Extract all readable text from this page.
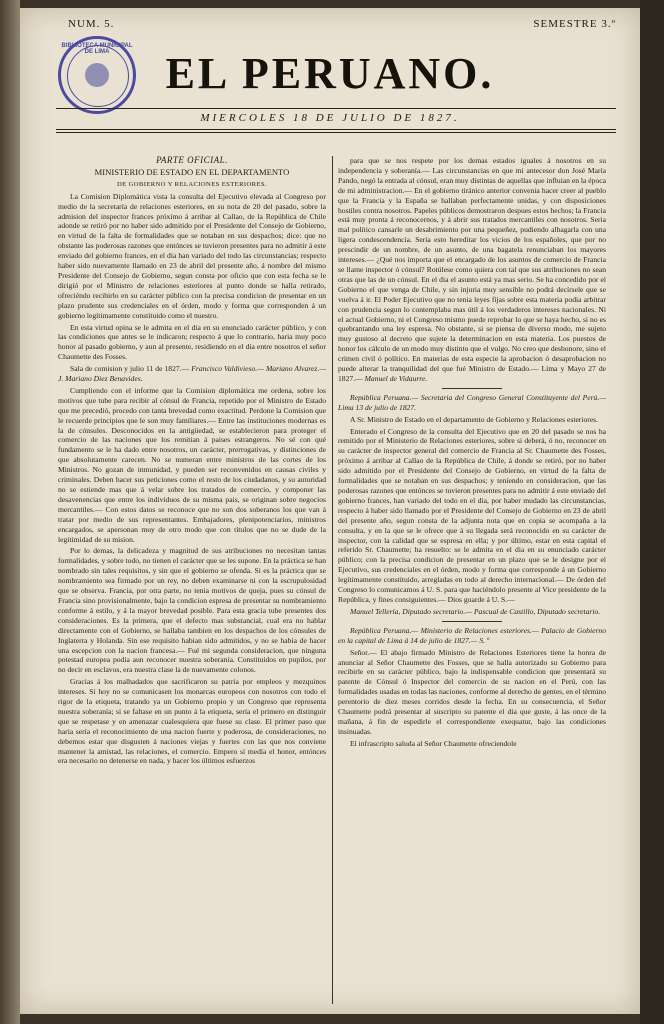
NUM. 5.	SEMESTRE 3.º
BIBLIOTECA MUNICIPAL DE LIMA	EL PERUANO.
MIERCOLES 18 DE JULIO DE 1827.

PARTE OFICIAL.

MINISTERIO DE ESTADO EN EL DEPARTAMENTO

DE GOBIERNO Y RELACIONES ESTERIORES.

La Comision Diplomática vista la consulta del Ejecutivo elevada al Congreso por medio de la secretaría de relaciones esteriores, en su nota de 20 del pasado, sobre la admision del inspector frances próximo á arribar al Callao, de la República de Chile adonde se retiró por no haber sido admitido por el Presidente del Consejo de Gobierno, en virtud de la falta de formalidades que se notaban en sus despachos; dice: que no obstante las poderosas razones que entónces se tuvieron presentes para no admitir á este enviado del gobierno frances, en el dia han variado del todo las circunstancias; respecto haber sido nuevamente llamado en 23 de abril del presente año, á nombre del mismo Presidente del Consejo de Gobierno, segun consta por oficio que con esta fecha se le dirigió por el Ministro de relaciones esteriores al punto donde se halla retirado, ofreciéndo recibirlo en su carácter público con la precisa condicion de presentar en un plazo prudente sus credenciales en el órden, modo y forma que corresponden á un gobierno legítimamente constituido como el nuestro.

En esta virtud opina se le admita en el dia en su enunciado carácter público, y con las condiciones que antes se le indicaron; respecto á que lo contrario, haria muy poco honor al pasado gobierno, y aun al presente, residiendo en el dia entre nosotros el señor Chaumette des Fosses.

Sala de comision y julio 11 de 1827.— Francisco Valdivieso.— Mariano Alvarez.— J. Mariano Diez Benavides.

Cumpliendo con el informe que la Comision diplomática me ordena, sobre los motivos que tube para recibir al cónsul de Francia, repetido por el Ministro de Estado que me precedió, procedo con tanta brevedad como exactitud. Perdone la Comision que le recuerde principios que le son muy familiares.— Entre las instituciones modernas es la de cónsules. Desconocidos en la antigüedad, se establecieron para proteger el comercio de las naciones que los remitian á paises estrangeros. No sé con qué fundamento se le ha dado entre nosotros, un carácter, prerrogativas, y distinciones de que absolutamente carecen. No se numeran entre ministros de las cortes de los Ministros. No gozan de inmunidad, y pueden ser reconvenidos en causas civiles y criminales. Deben hacer sus peticiones como el resto de los ciudadanos, y su autoridad no se estiende mas que á velar sobre los tratados de comercio, y componer las desavenencias que entre los individuos de su misma pais, se originan sobre negocios mercantiles.— Con estos datos se reconoce que no son dos soberanos los que van á tratar por medio de sus representantes. Embajadores, plenipotenciarios, ministros encargados, se apersonan muy de otro modo que con títulos que no se dude de la legitimidad de su mision.

Por lo demas, la delicadeza y magnitud de sus atribuciones no necesitan tantas formalidades, y sobre todo, no tienen el carácter que se les supone. En la práctica se han nombrado sin tales requisitos, y sin que el gobierno se ofenda. Si es la práctica que se nombramiento sea firmado por un rey, no deben examinarse ni con la escrupulosidad que se observa. Francia, por otra parte, no tenia motivos de queja, pues su cónsul de Francia sino provisionalmente, bajo la condicion espresa de presentar su nombramiento conforme á estilo, y á la mayor brevedad posible. Para esta gracia tube presentes dos consideraciones. Es la primera, que el defecto mas substancial, cual era no hablar directamente con el Gobierno, se hallaba tambien en los despachos de los cónsules de Inglaterra y Holanda. Sin ese requisito habian sido admitidos, y no se habia de hacer una escepcion con la nacion francesa.— Fué mi segunda consideracion, que ninguna potestad europea podia aun reconocer nuestra soberanía. Constituidos en pupilos, por no decir en esclavos, era nuestra clase la de nuevamente colonos.

Gracias á los malhadados que sacrificaron su patria por empleos y mezquinos intereses. Si hoy no se comunicasen los monarcas europeos con nosotros con todo el rigor de la etiqueta, tratando ya un Gobierno propio y un Congreso que representa nuestra soberanía; si se faltase en un punto á la etiqueta, sería el primero en distinguir que se respetase y en amenazar cualesquiera que fuese su clase. El primer paso que haria sería el reconocimiento de una nacion fuerte y poderosa, de consideraciones, no debemos estar que disgusten á naciones viejas y fuertes con las que nos conviene mantener la amistad, las relaciones, el comercio. Empero sí medía el honor, entónces era necesario no detenerse en nada, y hacer los últimos esfuerzos

para que se nos respete por los demas estados iguales á nosotros en su independencia y soberanía.— Las circunstancias en que mi antecesor don José María Pando, negó la entrada al cónsul, eran muy distintas de aquellas que influian en la época de mi administracion.— En el gobierno tiránico anterior convenia hacer creer al pueblo que la Francia y la España se hallaban perfectamente unidas, y con disposiciones hostiles contra nosotros. Papeles públicos demostraron despues estos hechos; la Francia está muy pronta á reconocernos, y á abrir sus tratados mercantiles con nosotros. Seria mal político cansarle un desabrimiento por una pequeñez, pudiendo albagarla con una ligera condescendencia. Seria esto hereditar los vicios de los españoles, que por no prescindir de un nombre, de un asunto, de una bagatela renunciaban los mayores intereses.— ¿Qué nos importa que el encargado de los asuntos de comercio de Francia se llame inspector ó cónsul? Rotúlese como quiera con tal que sus atribuciones no sean otras que las de un cónsul. En el dia el asunto está ya mas serio. Se ha concedido por el Gobierno el que venga de Chile, y sin injuria muy sensible no podrá decírsele que se vuelva á ir. El Poder Ejecutivo que no tenia leyes fijas sobre esta materia podia arbitrar con prudencia segun lo contemplaba mas útil á los verdaderos intereses nacionales. Ni el actual Gobierno, ni el Congreso mismo puede reprobar lo que se haya hecho, si no es quebrantando una ley espresa. No obstante, si se piensa de diverso modo, me sujeto muy gustoso al decreto que sujete la determinacion en esta materia. Los puestos de honor los cálculo de un modo muy distinto que el vulgo. No creo que deshonore, sino el crímen civil ó político. En materias de esta especie la aprobacion ó desaprobacion no puede alterar la tranquilidad del que fué Ministro de Estado.— Lima y Mayo 27 de 1827.— Manuel de Vidaurre.

República Peruana.— Secretaria del Congreso General Constituyente del Perú.— Lima 13 de julio de 1827.

A Sr. Ministro de Estado en el departamento de Gobierno y Relaciones esteriores.

Enterado el Congreso de la consulta del Ejecutivo que en 20 del pasado se nos ha remitido por el Ministerio de Relaciones esteriores, sobre si deberá, ó no, reconocer en su carácter de inspector general del comercio de Francia al Sr. Chaumette des Fosses, próximo á arribar al Callao de la República de Chile, á donde se retiró, por no haber sido admitido por el Presidente del Consejo de Gobierno, en virtud de la falta de formalidades que se notaban en sus despachos; y teniendo en consideracion, que las poderosas razones que entónces se tuvieron presentes para no admitir á este enviado del gobierno frances, han variado del todo en el dia, por haber mudado las circunstancias, respecto á haber sido llamado por el Presidente del Consejo de Gobierno en 23 de abril del presente año, segun consta de la adjunta nota que en copia se acompaña a la consulta, y en la que se le ofrece que á su llegada será reconocido en su carácter de inspector, con la calidad que se espresa en ella; y por último, estar en esta capital el referido Sr. Chaumette; ha resuelto: se le admita en el dia en su enunciado carácter público; con la precisa condicion de presentar en un plazo que se le designe por el Ejecutivo, sus credenciales en el órden, modo y forma que corresponde á un Gobierno legítimamente constituido, arregladas en todo al derecho internacional.— De órden del Congreso lo comunicamos á U. S. para que haciéndolo presente al Vice presidente de la República, y fines consiguientes.— Dios guarde á U. S.—

Manuel Tellería, Diputado secretario.— Pascual de Castillo, Diputado secretario.

República Peruana.— Ministerio de Relaciones esteriores.— Palacio de Gobierno en la capital de Lima á 14 de julio de 1827.— S. º

Señor.— El abajo firmado Ministro de Relaciones Esteriores tiene la honra de anunciar al Señor Chaumette des Fosses, que se halla autorizado su Gobierno para recibirle en su carácter público, bajo la indispensable condicion que presentará su patente de Cónsul ó Inspector del comercio de su nacion en el Perú, con las formalidades usadas en todas las naciones, conforme al derecho de gentes, en el término perentorio de diez meses corridos desde la fecha. En su consecuencia, el Señor Chaumette podrá presentar al suscripto su patente el dia que guste, á las once de la mañana, á fin de espedirle el correspondiente exequatur, bajo las condiciones insinuadas.

El infrascripto saluda al Señor Chaumette ofreciendole
